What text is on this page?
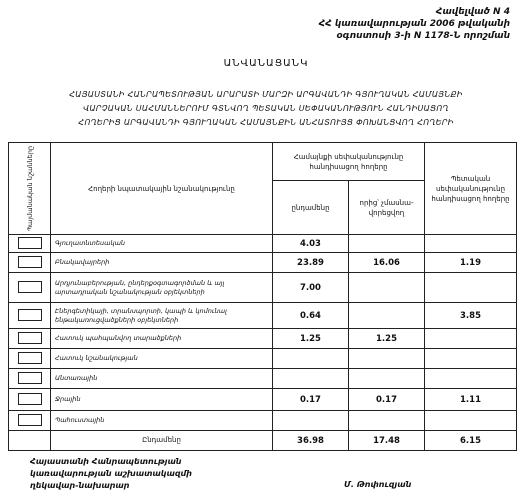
Հավելված N 4
ՀՀ կառավարության 2006 թվականի
օգոստոսի 3-ի N 1178-Ն որոշման
ԱՆՎԱՆԱՑԱՆԿ
ՀԱՅԱՍՏԱՆԻ ՀԱՆՐԱՊԵՏՈՒԹՅԱՆ ԱՐԱՐԱՏԻ ՄԱՐԶԻ ԱՐԳԱՎԱՆԴԻ ԳՅՈՒՂԱԿԱՆ ՀԱՄԱՅՆՔԻ
ՎԱՐՉԱԿԱՆ ՍԱՀՄԱՆՆԵՐՈՒՄ ԳՏՆՎՈՂ ՊԵՏԱԿԱՆ ՍԵՓԱԿԱՆՈՒԹՅՈՒՆ ՀԱՆԴԻՍԱՑՈՂ
ՀՈՂԵՐԻՑ ԱՐԳԱՎԱՆԴԻ ԳՅՈՒՂԱԿԱՆ ՀԱՄԱՅՆՔԻՆ ԱՆՀԱՏՈՒՅՑ ՓՈԽԱՆՑՎՈՂ ՀՈՂԵՐԻ
Պայմանական նշանները	Հողերի նպատակային նշանակությունը	Համայնքի սեփականությունը հանդիսացող հողերը		Պետական սեփականությունը հանդիսացող հողերը
		ընդամենը	որից՝ չմասնա-վորեցվող	
	Գյուղատնտեսական	4.03		
	Բնակավայրերի	23.89	16.06	1.19
	Արդյունաբերության, ընդերքօգտագործման և այլ արտադրական նշանակության օբյեկտների	7.00		
	Էներգետիկայի, տրանսպորտի, կապի և կոմունալ ենթակառուցվածքների օբյեկտների	0.64		3.85
	Հատուկ պահպանվող տարածքների	1.25	1.25	
	Հատուկ նշանակության			
	Անտառային			
	Ջրային	0.17	0.17	1.11
	Պահուստային			
	Ընդամենը	36.98	17.48	6.15
Հայաստանի Հանրապետության
կառավարության աշխատակազմի
ղեկավար-նախարար	Մ. Թոփուզյան
